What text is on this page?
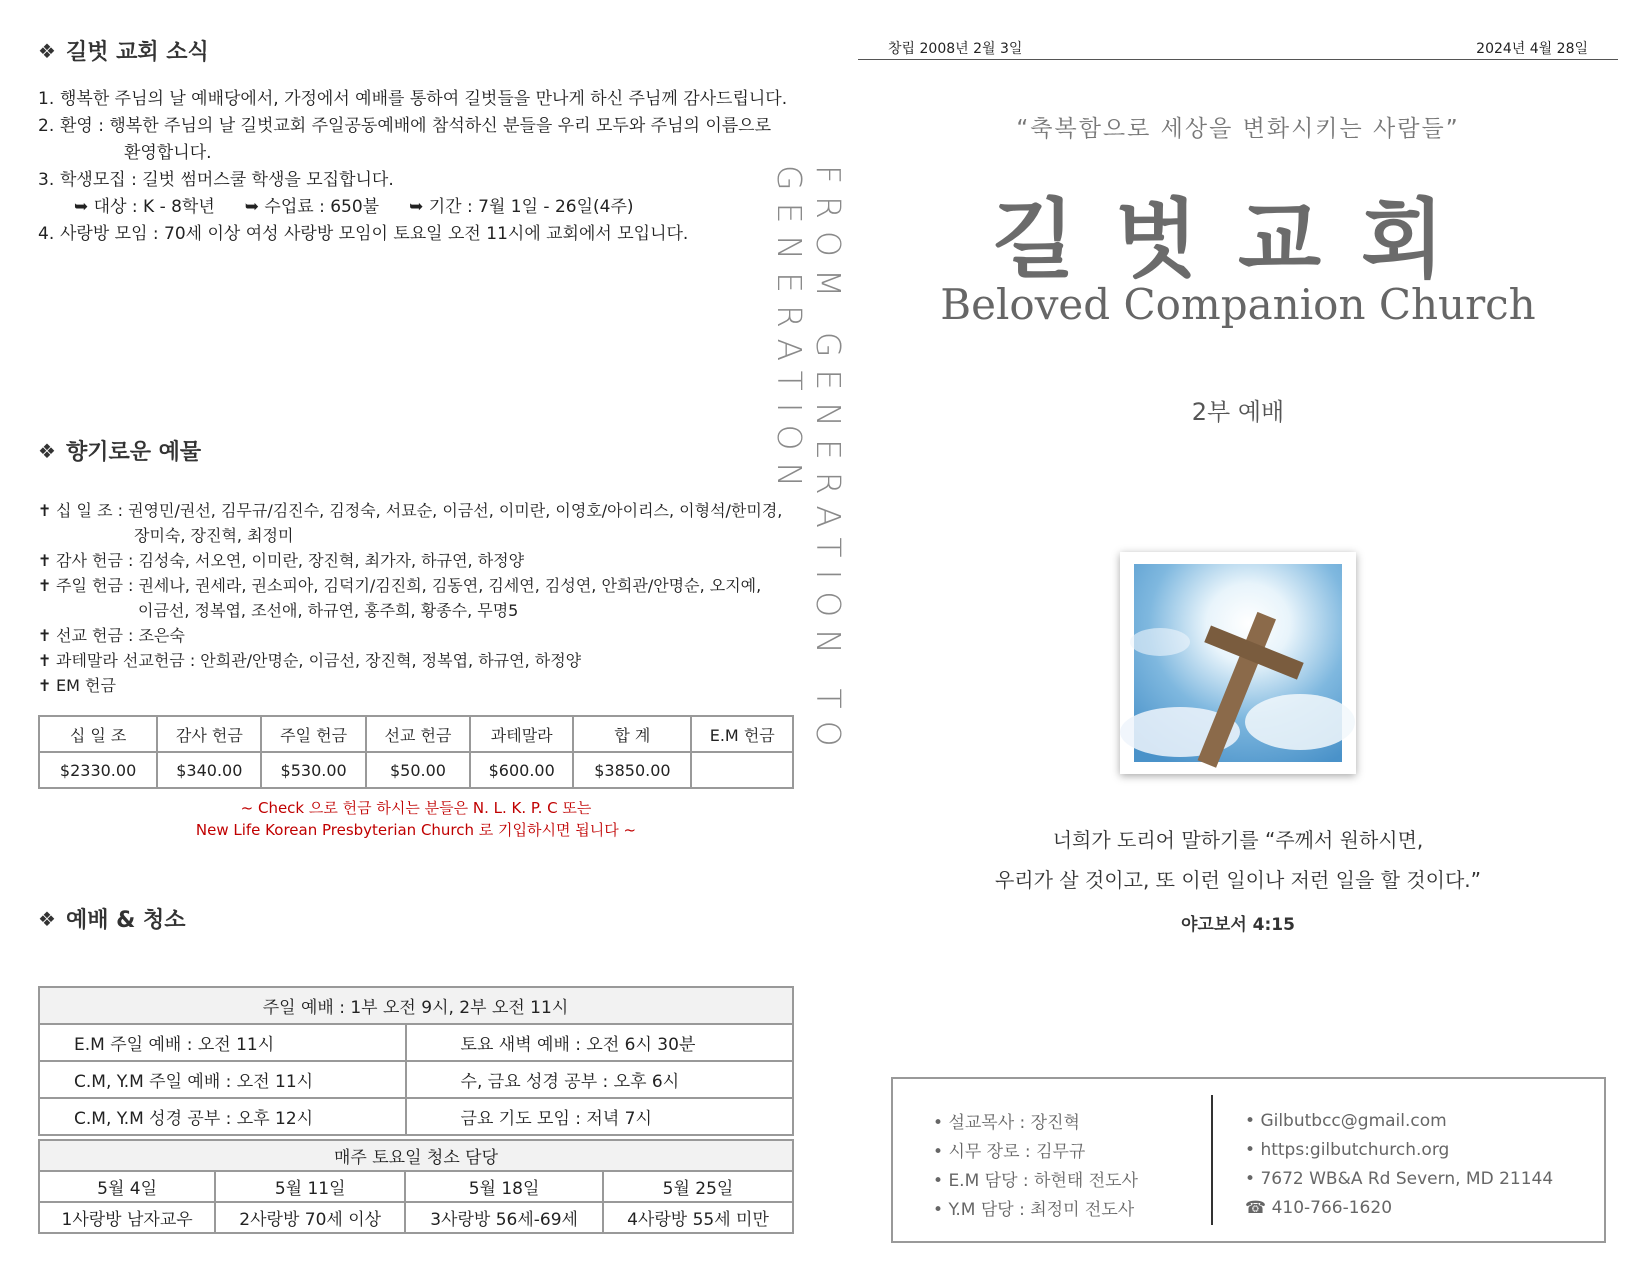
❖ 길벗 교회 소식
1. 행복한 주님의 날 예배당에서, 가정에서 예배를 통하여 길벗들을 만나게 하신 주님께 감사드립니다.
2. 환영 : 행복한 주님의 날 길벗교회 주일공동예배에 참석하신 분들을 우리 모두와 주님의 이름으로
환영합니다.
3. 학생모집 : 길벗 썸머스쿨 학생을 모집합니다.
➥ 대상 : K - 8학년 ➥ 수업료 : 650불 ➥ 기간 : 7월 1일 - 26일(4주)
4. 사랑방 모임 : 70세 이상 여성 사랑방 모임이 토요일 오전 11시에 교회에서 모입니다.
❖ 향기로운 예물
✝ 십 일 조 : 권영민/권선, 김무규/김진수, 김정숙, 서묘순, 이금선, 이미란, 이영호/아이리스, 이형석/한미경,
장미숙, 장진혁, 최정미
✝ 감사 헌금 : 김성숙, 서오연, 이미란, 장진혁, 최가자, 하규연, 하정양
✝ 주일 헌금 : 권세나, 권세라, 권소피아, 김덕기/김진희, 김동연, 김세연, 김성연, 안희관/안명순, 오지예,
이금선, 정복엽, 조선애, 하규연, 홍주희, 황종수, 무명5
✝ 선교 헌금 : 조은숙
✝ 과테말라 선교헌금 : 안희관/안명순, 이금선, 장진혁, 정복엽, 하규연, 하정양
✝ EM 헌금
십 일 조	감사 헌금	주일 헌금	선교 헌금	과테말라	합 계	E.M 헌금
$2330.00	$340.00	$530.00	$50.00	$600.00	$3850.00	
~ Check 으로 헌금 하시는 분들은 N. L. K. P. C 또는
New Life Korean Presbyterian Church 로 기입하시면 됩니다 ~
❖ 예배 & 청소
주일 예배 : 1부 오전 9시, 2부 오전 11시	
E.M 주일 예배 : 오전 11시	토요 새벽 예배 : 오전 6시 30분
C.M, Y.M 주일 예배 : 오전 11시	수, 금요 성경 공부 : 오후 6시
C.M, Y.M 성경 공부 : 오후 12시	금요 기도 모임 : 저녁 7시
매주 토요일 청소 담당			
5월 4일	5월 11일	5월 18일	5월 25일
1사랑방 남자교우	2사랑방 70세 이상	3사랑방 56세-69세	4사랑방 55세 미만
FROM GENERATION TO GENERATION
창립 2008년 2월 3일	2024년 4월 28일
“축복함으로 세상을 변화시키는 사람들”
길벗교회
Beloved Companion Church
2부 예배
너희가 도리어 말하기를 “주께서 원하시면,
우리가 살 것이고, 또 이런 일이나 저런 일을 할 것이다.”
야고보서 4:15
• 설교목사 : 장진혁
• 시무 장로 : 김무규
• E.M 담당 : 하현태 전도사
• Y.M 담당 : 최정미 전도사
• Gilbutbcc@gmail.com
• https:gilbutchurch.org
• 7672 WB&A Rd Severn, MD 21144
☎ 410-766-1620
